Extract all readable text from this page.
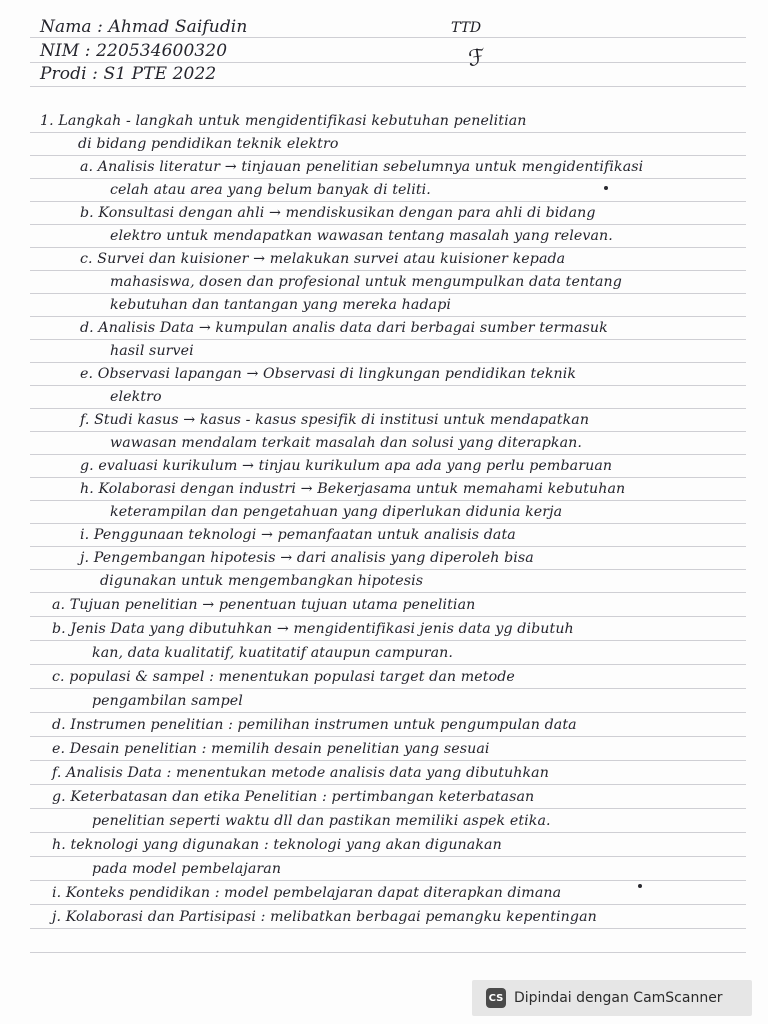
Nama : Ahmad Saifudin
NIM : 220534600320
Prodi : S1 PTE 2022
TTD
ℱ
1. Langkah - langkah untuk mengidentifikasi kebutuhan penelitian
di bidang pendidikan teknik elektro
a. Analisis literatur → tinjauan penelitian sebelumnya untuk mengidentifikasi
celah atau area yang belum banyak di teliti.
b. Konsultasi dengan ahli → mendiskusikan dengan para ahli di bidang
elektro untuk mendapatkan wawasan tentang masalah yang relevan.
c. Survei dan kuisioner → melakukan survei atau kuisioner kepada
mahasiswa, dosen dan profesional untuk mengumpulkan data tentang
kebutuhan dan tantangan yang mereka hadapi
d. Analisis Data → kumpulan analis data dari berbagai sumber termasuk
hasil survei
e. Observasi lapangan → Observasi di lingkungan pendidikan teknik
elektro
f. Studi kasus → kasus - kasus spesifik di institusi untuk mendapatkan
wawasan mendalam terkait masalah dan solusi yang diterapkan.
g. evaluasi kurikulum → tinjau kurikulum apa ada yang perlu pembaruan
h. Kolaborasi dengan industri → Bekerjasama untuk memahami kebutuhan
keterampilan dan pengetahuan yang diperlukan didunia kerja
i. Penggunaan teknologi → pemanfaatan untuk analisis data
j. Pengembangan hipotesis → dari analisis yang diperoleh bisa
digunakan untuk mengembangkan hipotesis
a. Tujuan penelitian → penentuan tujuan utama penelitian
b. Jenis Data yang dibutuhkan → mengidentifikasi jenis data yg dibutuh
kan, data kualitatif, kuatitatif ataupun campuran.
c. populasi & sampel : menentukan populasi target dan metode
pengambilan sampel
d. Instrumen penelitian : pemilihan instrumen untuk pengumpulan data
e. Desain penelitian : memilih desain penelitian yang sesuai
f. Analisis Data : menentukan metode analisis data yang dibutuhkan
g. Keterbatasan dan etika Penelitian : pertimbangan keterbatasan
penelitian seperti waktu dll dan pastikan memiliki aspek etika.
h. teknologi yang digunakan : teknologi yang akan digunakan
pada model pembelajaran
i. Konteks pendidikan : model pembelajaran dapat diterapkan dimana
j. Kolaborasi dan Partisipasi : melibatkan berbagai pemangku kepentingan
CS Dipindai dengan CamScanner
